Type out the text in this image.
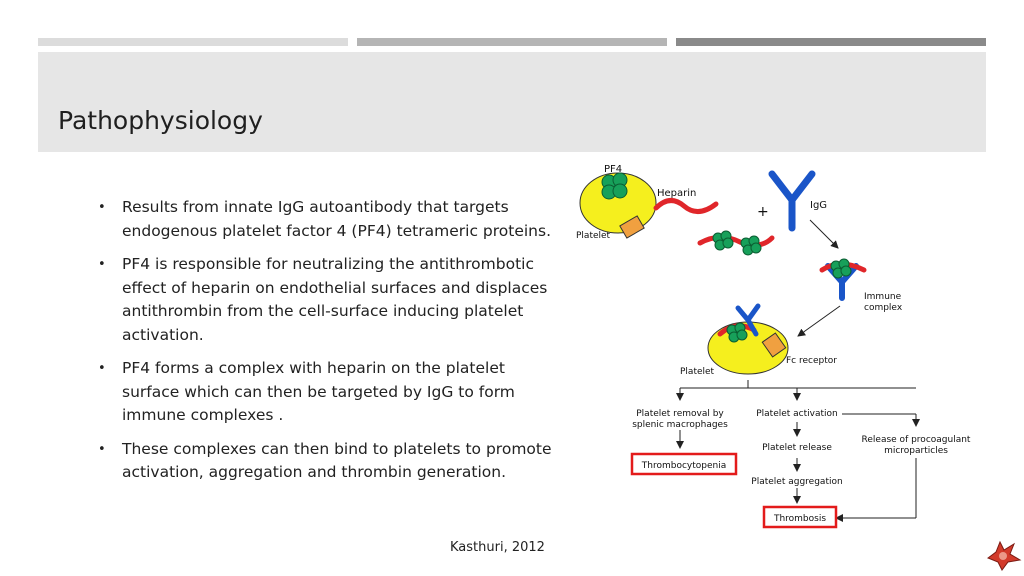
Pathophysiology
• Results from innate IgG autoantibody that targets endogenous platelet factor 4 (PF4) tetrameric proteins.
• PF4 is responsible for neutralizing the antithrombotic effect of heparin on endothelial surfaces and displaces antithrombin from the cell-surface inducing platelet activation.
• PF4 forms a complex with heparin on the platelet surface which can then be targeted by IgG to form immune complexes .
• These complexes can then bind to platelets to promote activation, aggregation and thrombin generation.
Kasthuri, 2012
PF4
Platelet
Heparin
+	IgG
Immune
complex
Fc receptor
Platelet
Platelet removal by
splenic macrophages
Platelet activation
Platelet release
Release of procoagulant
microparticles
Thrombocytopenia
Platelet aggregation
Thrombosis
